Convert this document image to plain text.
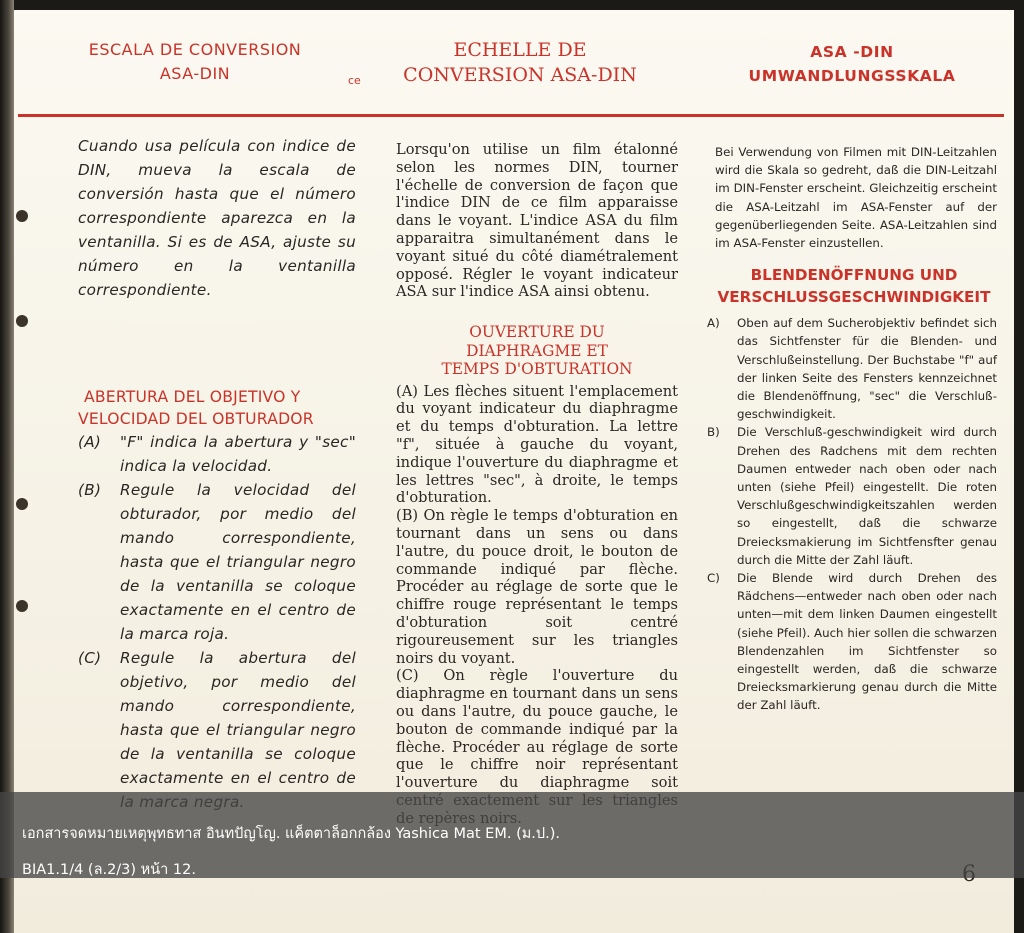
ESCALA DE CONVERSION
ASA-DIN	ce
ECHELLE DE
CONVERSION ASA-DIN
ASA -DIN
UMWANDLUNGSSKALA
Cuando usa película con indice de DIN, mueva la escala de conversión hasta que el número correspondiente aparezca en la ventanilla. Si es de ASA, ajuste su número en la ventanilla correspondiente.
ABERTURA DEL OBJETIVO Y
VELOCIDAD DEL OBTURADOR
(A)	"F" indica la abertura y "sec" indica la velocidad.
(B)	Regule la velocidad del obturador, por medio del mando correspondiente, hasta que el triangular negro de la ventanilla se coloque exactamente en el centro de la marca roja.
(C)	Regule la abertura del objetivo, por medio del mando correspondiente, hasta que el triangular negro de la ventanilla se coloque exactamente en el centro de
Lorsqu'on utilise un film étalonné selon les normes DIN, tourner l'échelle de conversion de façon que l'indice DIN de ce film apparaisse dans le voyant. L'indice ASA du film apparaitra simultanément dans le voyant situé du côté diamétralement opposé. Régler le voyant indicateur ASA sur l'indice ASA ainsi obtenu.
OUVERTURE DU
DIAPHRAGME ET
TEMPS D'OBTURATION
(A) Les flèches situent l'emplacement du voyant indicateur du diaphragme et du temps d'obturation. La lettre "f", située à gauche du voyant, indique l'ouverture du diaphragme et les lettres "sec", à droite, le temps d'obturation.
(B) On règle le temps d'obturation en tournant dans un sens ou dans l'autre, du pouce droit, le bouton de commande indiqué par flèche. Procéder au réglage de sorte que le chiffre rouge représentant le temps d'obturation soit centré rigoureusement sur les triangles noirs du voyant.
(C) On règle l'ouverture du diaphragme en tournant dans un sens ou dans l'autre, du pouce gauche, le bouton de commande indiqué par la flèche. Procéder au réglage de sorte que le chiffre noir représentant l'ouverture du diaphragme soit
Bei Verwendung von Filmen mit DIN-Leitzahlen wird die Skala so gedreht, daß die DIN-Leitzahl im DIN-Fenster erscheint. Gleichzeitig erscheint die ASA-Leitzahl im ASA-Fenster auf der gegenüberliegenden Seite. ASA-Leitzahlen sind im ASA-Fenster einzustellen.
BLENDENÖFFNUNG UND
VERSCHLUSSGESCHWINDIGKEIT
A)	Oben auf dem Sucherobjektiv befindet sich das Sichtfenster für die Blenden- und Verschlußeinstellung. Der Buchstabe "f" auf der linken Seite des Fensters kennzeichnet die Blendenöffnung, "sec" die Verschluß-geschwindigkeit.
B)	Die Verschluß-geschwindigkeit wird durch Drehen des Radchens mit dem rechten Daumen entweder nach oben oder nach unten (siehe Pfeil) eingestellt. Die roten Verschlußgeschwindigkeitszahlen werden so eingestellt, daß die schwarze Dreiecksmakierung im Sichtfensfter genau durch die Mitte der Zahl läuft.
C)	Die Blende wird durch Drehen des Rädchens—entweder nach oben oder nach unten—mit dem linken Daumen eingestellt (siehe Pfeil). Auch hier sollen die schwarzen Blendenzahlen im Sichtfenster so eingestellt werden, daß die schwarze Dreiecksmarkierung genau durch die Mitte der Zahl läuft.
เอกสารจดหมายเหตุพุทธทาส อินทปัญโญ. แค็ตตาล็อกกล้อง Yashica Mat EM. (ม.ป.).
BIA1.1/4 (ล.2/3) หน้า 12.
